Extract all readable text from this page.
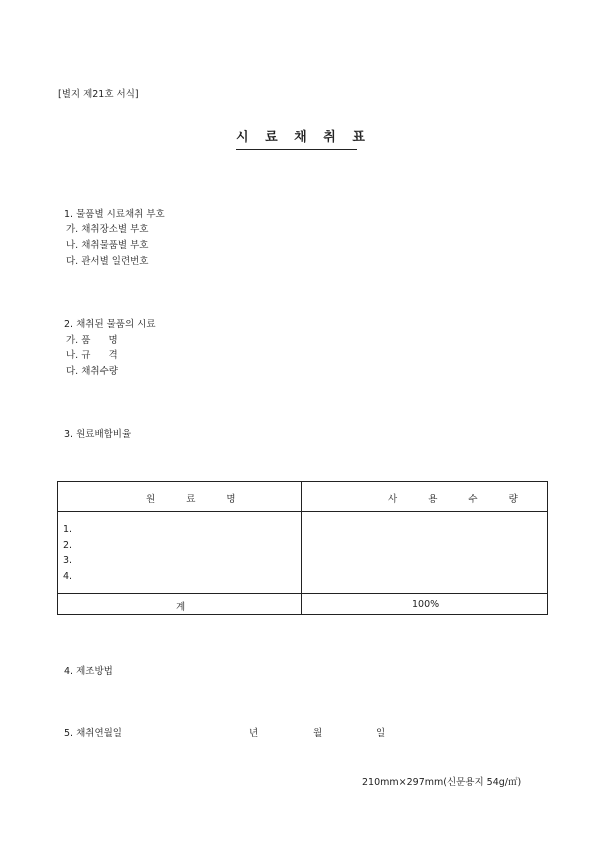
[별지 제21호 서식]
시 료 채 취 표
1. 물품별 시료채취 부호
가. 채취장소별 부호
나. 채취물품별 부호
다. 관서별 일련번호
2. 채취된 물품의 시료
가. 품      명
나. 규      격
다. 채취수량
3. 원료배합비율
원 료 명	사 용 수 량
1.
2.
3.
4.
계	100%
4. 제조방법
5. 채취연월일	년	월	일
210mm×297mm(신문용지 54g/㎡)
